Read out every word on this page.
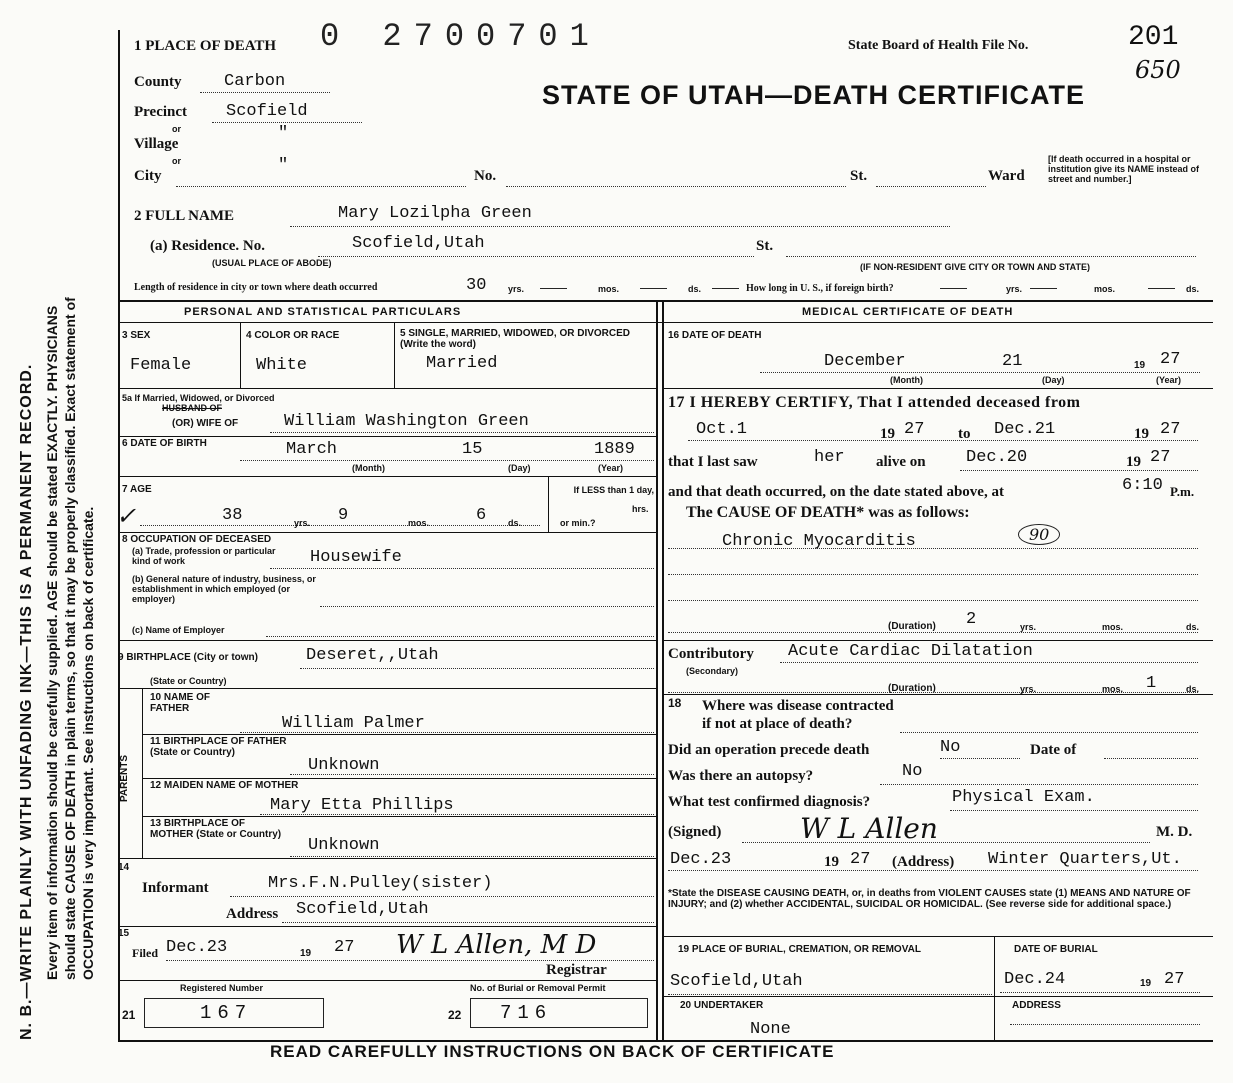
N. B.—WRITE PLAINLY WITH UNFADING INK—THIS IS A PERMANENT RECORD. Every item of information should be carefully supplied. AGE should be stated EXACTLY. PHYSICIANS should state CAUSE OF DEATH in plain terms, so that it may be properly classified. Exact statement of OCCUPATION is very important. See instructions on back of certificate.
1 PLACE OF DEATH 0 2700701	State Board of Health File No.	201
650
STATE OF UTAH—DEATH CERTIFICATE
County Carbon
Precinct Scofield
or
Village
"
or
City
"
No.	St.	Ward
[If death occurred in a hospital or institution give its NAME instead of street and number.]
2 FULL NAME	Mary Lozilpha Green
(a) Residence. No.	Scofield,Utah	St.
(USUAL PLACE OF ABODE)	(IF NON-RESIDENT GIVE CITY OR TOWN AND STATE)
Length of residence in city or town where death occurred	30 yrs. ———	mos. ——— ds. ——— How long in U. S., if foreign birth?	———	yrs. ———	mos.	——— ds.
PERSONAL AND STATISTICAL PARTICULARS	MEDICAL CERTIFICATE OF DEATH
3 SEX
Female
4 COLOR OR RACE
White
5 SINGLE, MARRIED, WIDOWED, OR DIVORCED (Write the word)
Married
5a If Married, Widowed, or Divorced
HUSBAND OF
(OR) WIFE OF	William Washington Green
6 DATE OF BIRTH	March	15	1889
(Month)	(Day)	(Year)
7 AGE
✓	38	yrs. 9	mos.	6 ds.
If LESS than 1 day,
hrs.
or min.?
8 OCCUPATION OF DECEASED
(a) Trade, profession or particular kind of work	Housewife
(b) General nature of industry, business, or establishment in which employed (or employer)
(c) Name of Employer
9 BIRTHPLACE (City or town)	Deseret,,Utah
(State or Country)
PARENTS
10 NAME OF FATHER
William Palmer
11 BIRTHPLACE OF FATHER (State or Country)
Unknown
12 MAIDEN NAME OF MOTHER
Mary Etta Phillips
13 BIRTHPLACE OF MOTHER (State or Country)
Unknown
14
Informant	Mrs.F.N.Pulley(sister)
Address Scofield,Utah
15
Filed Dec.23	19 27 W L Allen, M D
Registrar
Registered Number	No. of Burial or Removal Permit
21	167	22 716
16 DATE OF DEATH
December	21	19 27
(Month)	(Day)	(Year)
17 I HEREBY CERTIFY, That I attended deceased from
Oct.1	19 27 to Dec.21	19 27
that I last saw	her alive on Dec.20	19 27
and that death occurred, on the date stated above, at	6:10 P.m.
The CAUSE OF DEATH* was as follows:
Chronic Myocarditis	90
(Duration) 2	yrs.	mos.	ds.
Contributory Acute Cardiac Dilatation
(Secondary)
(Duration)	yrs.	mos. 1	ds.
18 Where was disease contracted
if not at place of death?
Did an operation precede death	No	Date of
Was there an autopsy?	No
What test confirmed diagnosis?	Physical Exam.
(Signed)	W L Allen	M. D.
Dec.23	19 27 (Address) Winter Quarters,Ut.
*State the DISEASE CAUSING DEATH, or, in deaths from VIOLENT CAUSES state (1) MEANS AND NATURE OF INJURY; and (2) whether ACCIDENTAL, SUICIDAL OR HOMICIDAL. (See reverse side for additional space.)
19 PLACE OF BURIAL, CREMATION, OR REMOVAL
Scofield,Utah
DATE OF BURIAL
Dec.24	19 27
20 UNDERTAKER
None
ADDRESS
READ CAREFULLY INSTRUCTIONS ON BACK OF CERTIFICATE
